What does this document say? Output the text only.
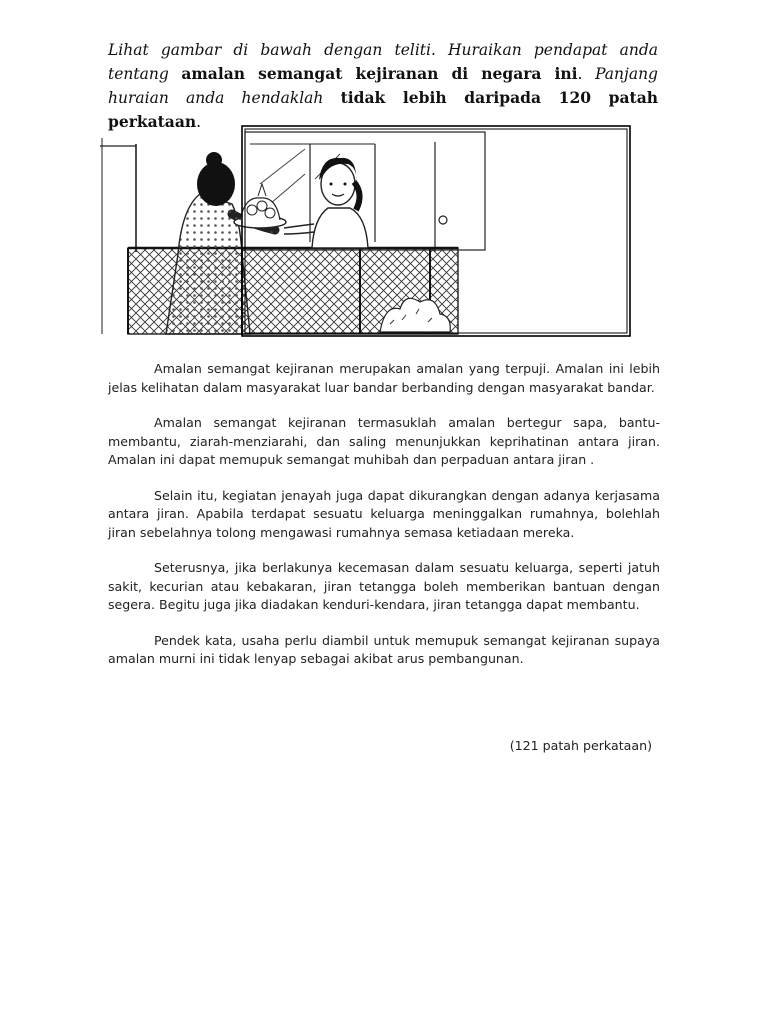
Lihat gambar di bawah dengan teliti. Huraikan pendapat anda tentang amalan semangat kejiranan di negara ini. Panjang huraian anda hendaklah tidak lebih daripada 120 patah perkataan.

Amalan semangat kejiranan merupakan amalan yang terpuji. Amalan ini lebih jelas kelihatan dalam masyarakat luar bandar berbanding dengan masyarakat bandar.

Amalan semangat kejiranan termasuklah amalan bertegur sapa, bantu-membantu, ziarah-menziarahi, dan saling menunjukkan keprihatinan antara jiran. Amalan ini dapat memupuk semangat muhibah dan perpaduan antara jiran .

Selain itu, kegiatan jenayah juga dapat dikurangkan dengan adanya kerjasama antara jiran. Apabila terdapat sesuatu keluarga meninggalkan rumahnya, bolehlah jiran sebelahnya tolong mengawasi rumahnya semasa ketiadaan mereka.

Seterusnya, jika berlakunya kecemasan dalam sesuatu keluarga, seperti jatuh sakit, kecurian atau kebakaran, jiran tetangga boleh memberikan bantuan dengan segera. Begitu juga jika diadakan kenduri-kendara, jiran tetangga dapat membantu.

Pendek kata, usaha perlu diambil untuk memupuk semangat kejiranan supaya amalan murni ini tidak lenyap sebagai akibat arus pembangunan.

(121 patah perkataan)
